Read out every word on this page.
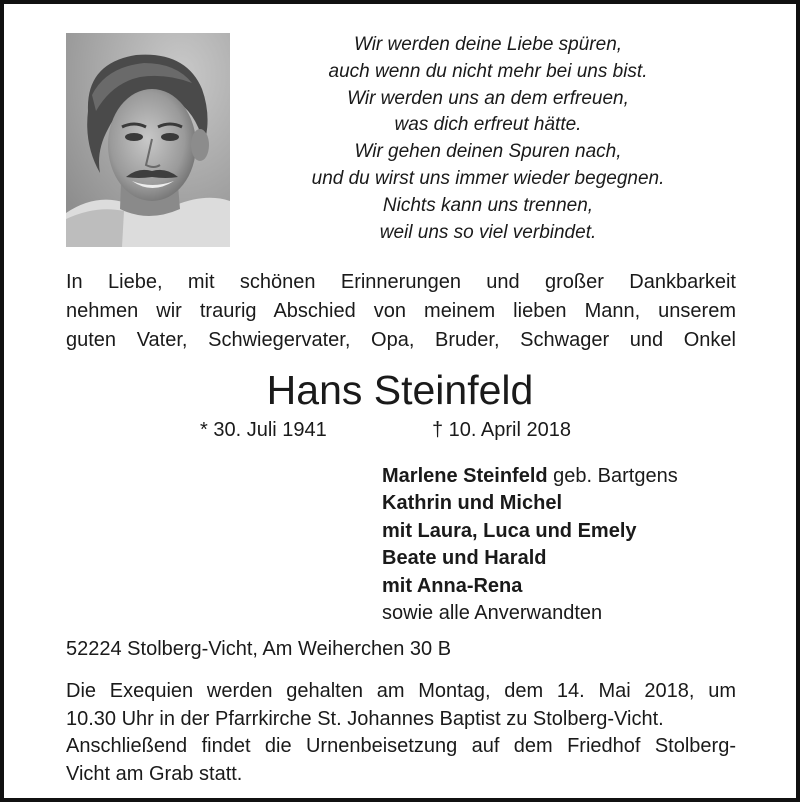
Wir werden deine Liebe spüren,
auch wenn du nicht mehr bei uns bist.
Wir werden uns an dem erfreuen,
was dich erfreut hätte.
Wir gehen deinen Spuren nach,
und du wirst uns immer wieder begegnen.
Nichts kann uns trennen,
weil uns so viel verbindet.
In Liebe, mit schönen Erinnerungen und großer Dankbarkeit
nehmen wir traurig Abschied von meinem lieben Mann, unserem
guten Vater, Schwiegervater, Opa, Bruder, Schwager und Onkel
Hans Steinfeld
* 30. Juli 1941	† 10. April 2018
Marlene Steinfeld geb. Bartgens
Kathrin und Michel
mit Laura, Luca und Emely
Beate und Harald
mit Anna-Rena
sowie alle Anverwandten
52224 Stolberg-Vicht, Am Weiherchen 30 B
Die Exequien werden gehalten am Montag, dem 14. Mai 2018, um
10.30 Uhr in der Pfarrkirche St. Johannes Baptist zu Stolberg-Vicht.
Anschließend findet die Urnenbeisetzung auf dem Friedhof Stolberg-
Vicht am Grab statt.
